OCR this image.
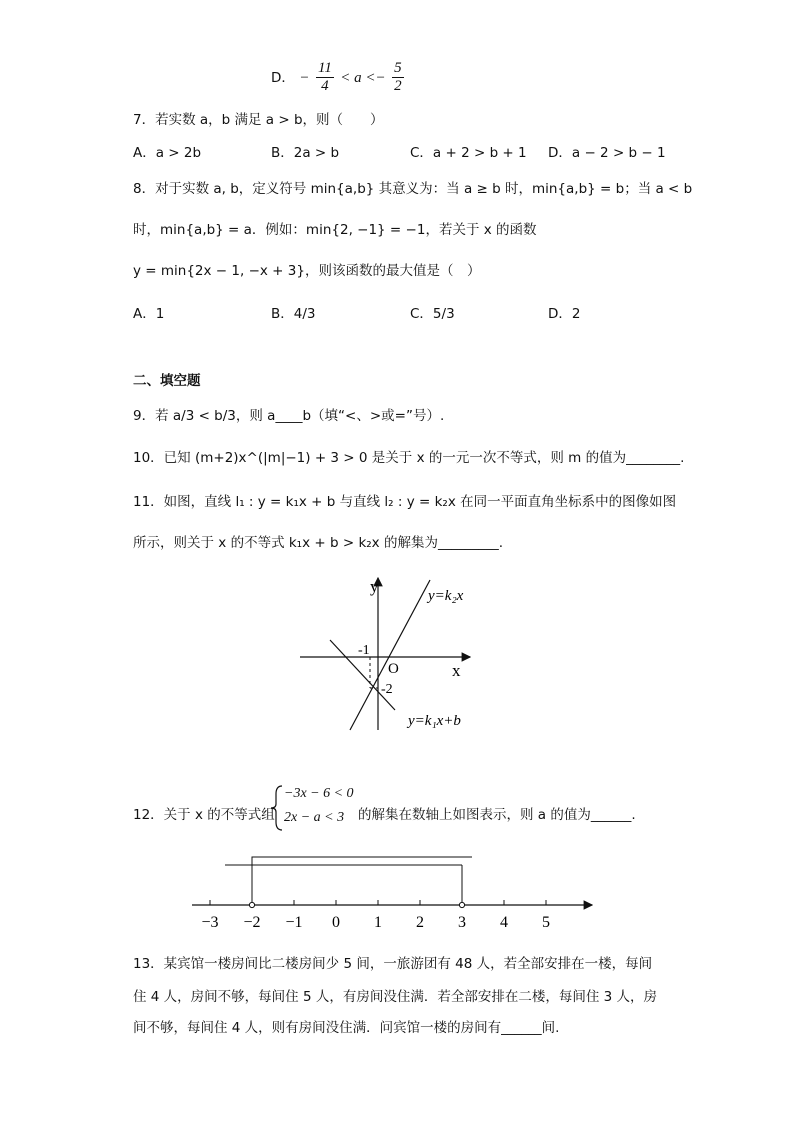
D． − $\frac{11}{4} < a <- \frac{5}{2}$
7．若实数 a，b 满足 a > b，则（　　）
A．a > 2b	B．2a > b	C．a + 2 > b + 1 D．a − 2 > b − 1
8．对于实数 a, b，定义符号 min{a,b} 其意义为：当 a ≥ b 时，min{a,b} = b；当 a < b
时，min{a,b} = a．例如：min{2, −1} = −1，若关于 x 的函数
y = min{2x − 1, −x + 3}，则该函数的最大值是（　）
A．1	B．4/3	C．5/3	D．2
二、填空题
9．若 a/3 < b/3，则 a____b（填“<、>或=”号）.
10．已知 (m+2)x^(|m|−1) + 3 > 0 是关于 x 的一元一次不等式，则 m 的值为________.
11．如图，直线 l₁ : y = k₁x + b 与直线 l₂ : y = k₂x 在同一平面直角坐标系中的图像如图
所示，则关于 x 的不等式 k₁x + b > k₂x 的解集为_________.
y
x
O
-1
-2
y=k₂x
y=k₁x+b
12．关于 x 的不等式组
−3x − 6 < 0
2x − a < 3 的解集在数轴上如图表示，则 a 的值为______.
−3 −2 −1 0 1 2 3 4 5
13．某宾馆一楼房间比二楼房间少 5 间，一旅游团有 48 人，若全部安排在一楼，每间
住 4 人，房间不够，每间住 5 人，有房间没住满．若全部安排在二楼，每间住 3 人，房
间不够，每间住 4 人，则有房间没住满．问宾馆一楼的房间有______间.
